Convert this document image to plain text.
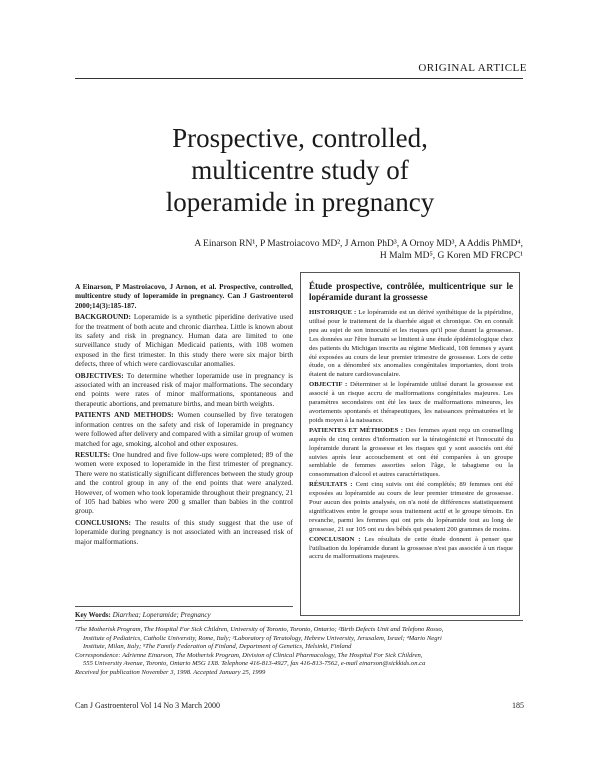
ORIGINAL ARTICLE
Prospective, controlled,
multicentre study of
loperamide in pregnancy
A Einarson RN¹, P Mastroiacovo MD², J Arnon PhD³, A Ornoy MD³, A Addis PhMD⁴,
H Malm MD⁵, G Koren MD FRCPC¹

A Einarson, P Mastroiacovo, J Arnon, et al. Prospective, controlled, multicentre study of loperamide in pregnancy. Can J Gastroenterol 2000;14(3):185-187.

BACKGROUND: Loperamide is a synthetic piperidine derivative used for the treatment of both acute and chronic diarrhea. Little is known about its safety and risk in pregnancy. Human data are limited to one surveillance study of Michigan Medicaid patients, with 108 women exposed in the first trimester. In this study there were six major birth defects, three of which were cardiovascular anomalies.

OBJECTIVES: To determine whether loperamide use in pregnancy is associated with an increased risk of major malformations. The secondary end points were rates of minor malformations, spontaneous and therapeutic abortions, and premature births, and mean birth weights.

PATIENTS AND METHODS: Women counselled by five teratogen information centres on the safety and risk of loperamide in pregnancy were followed after delivery and compared with a similar group of women matched for age, smoking, alcohol and other exposures.

RESULTS: One hundred and five follow-ups were completed; 89 of the women were exposed to loperamide in the first trimester of pregnancy. There were no statistically significant differences between the study group and the control group in any of the end points that were analyzed. However, of women who took loperamide throughout their pregnancy, 21 of 105 had babies who were 200 g smaller than babies in the control group.

CONCLUSIONS: The results of this study suggest that the use of loperamide during pregnancy is not associated with an increased risk of major malformations.

Key Words: Diarrhea; Loperamide; Pregnancy
Étude prospective, contrôlée, multicentrique sur le lopéramide durant la grossesse

HISTORIQUE : Le lopéramide est un dérivé synthétique de la pipéridine, utilisé pour le traitement de la diarrhée aiguë et chronique. On en connaît peu au sujet de son innocuité et les risques qu'il pose durant la grossesse. Les données sur l'être humain se limitent à une étude épidémiologique chez des patients du Michigan inscrits au régime Medicaid, 108 femmes y ayant été exposées au cours de leur premier trimestre de grossesse. Lors de cette étude, on a dénombré six anomalies congénitales importantes, dont trois étaient de nature cardiovasculaire.

OBJECTIF : Déterminer si le lopéramide utilisé durant la grossesse est associé à un risque accru de malformations congénitales majeures. Les paramètres secondaires ont été les taux de malformations mineures, les avortements spontanés et thérapeutiques, les naissances prématurées et le poids moyen à la naissance.

PATIENTES ET MÉTHODES : Des femmes ayant reçu un counselling auprès de cinq centres d'information sur la tératogénicité et l'innocuité du lopéramide durant la grossesse et les risques qui y sont associés ont été suivies après leur accouchement et ont été comparées à un groupe semblable de femmes assorties selon l'âge, le tabagisme ou la consommation d'alcool et autres caractéristiques.

RÉSULTATS : Cent cinq suivis ont été complétés; 89 femmes ont été exposées au lopéramide au cours de leur premier trimestre de grossesse. Pour aucun des points analysés, on n'a noté de différences statistiquement significatives entre le groupe sous traitement actif et le groupe témoin. En revanche, parmi les femmes qui ont pris du lopéramide tout au long de grossesse, 21 sur 105 ont eu des bébés qui pesaient 200 grammes de moins.

CONCLUSION : Les résultats de cette étude donnent à penser que l'utilisation du lopéramide durant la grossesse n'est pas associée à un risque accru de malformations majeures.

¹The Motherisk Program, The Hospital For Sick Children, University of Toronto, Toronto, Ontario; ²Birth Defects Unit and Telefono Rosso,
Institute of Pediatrics, Catholic University, Rome, Italy; ³Laboratory of Teratology, Hebrew University, Jerusalem, Israel; ⁴Mario Negri
Institute, Milan, Italy; ⁵The Family Federation of Finland, Department of Genetics, Helsinki, Finland
Correspondence: Adrienne Einarson, The Motherisk Program, Division of Clinical Pharmacology, The Hospital For Sick Children,
555 University Avenue, Toronto, Ontario M5G 1X8. Telephone 416-813-4927, fax 416-813-7562, e-mail einarson@sickkids.on.ca
Received for publication November 3, 1998. Accepted January 25, 1999
Can J Gastroenterol Vol 14 No 3 March 2000	185
